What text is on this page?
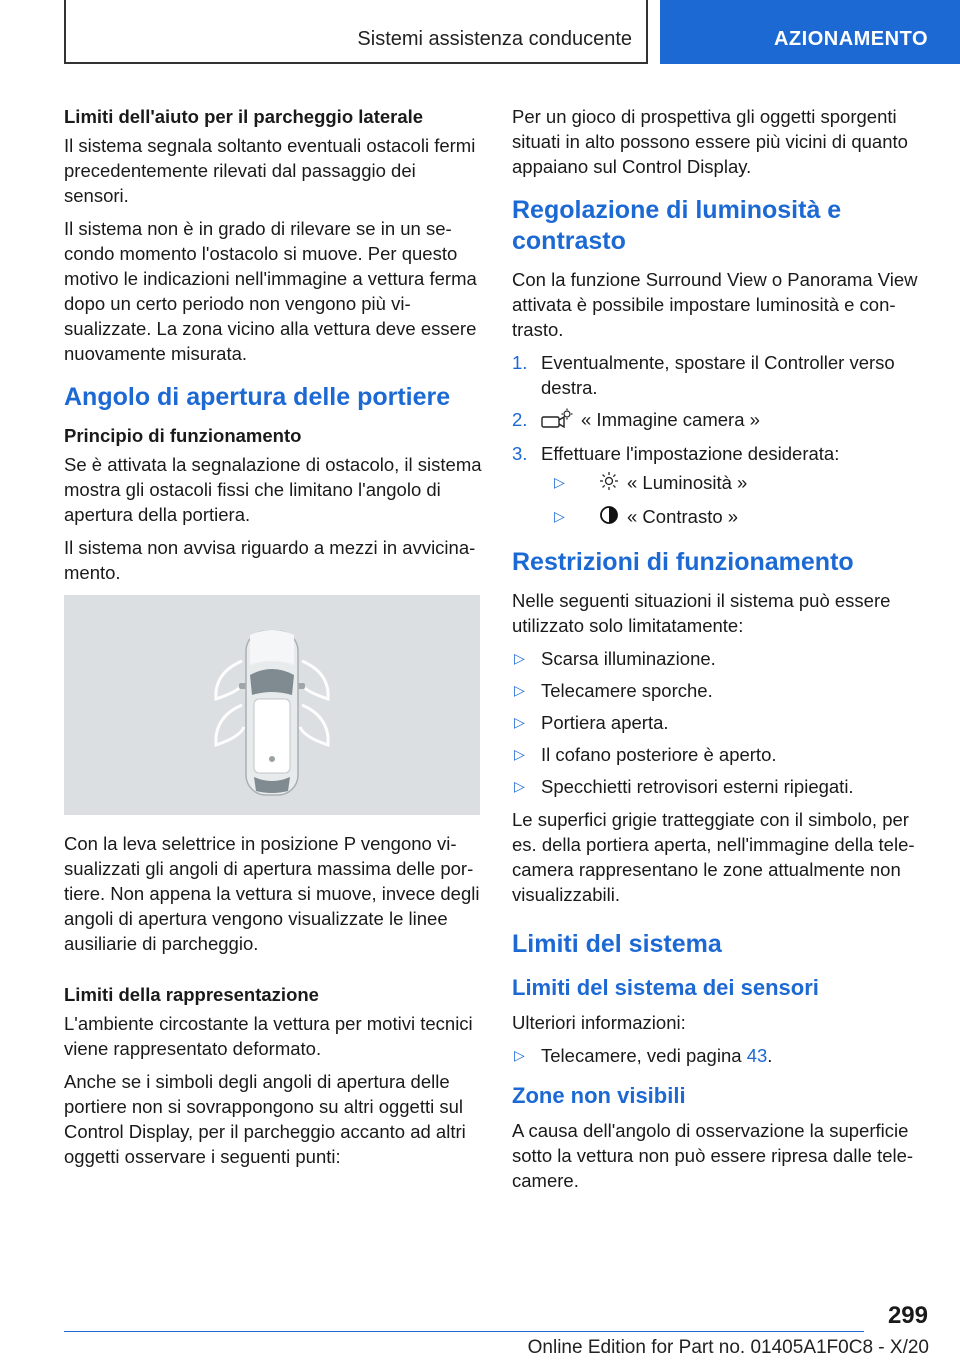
Sistemi assistenza conducente	AZIONAMENTO
Limiti dell'aiuto per il parcheggio laterale

Il sistema segnala soltanto eventuali ostacoli fermi precedentemente rilevati dal passaggio dei sensori.

Il sistema non è in grado di rilevare se in un secondo momento l'ostacolo si muove. Per questo motivo le indicazioni nell'immagine a vettura ferma dopo un certo periodo non vengono più visualizzate. La zona vicino alla vettura deve essere nuovamente misurata.

Angolo di apertura delle portiere
Principio di funzionamento

Se è attivata la segnalazione di ostacolo, il sistema mostra gli ostacoli fissi che limitano l'angolo di apertura della portiera.

Il sistema non avvisa riguardo a mezzi in avvicinamento.

Con la leva selettrice in posizione P vengono visualizzati gli angoli di apertura massima delle portiere. Non appena la vettura si muove, invece degli angoli di apertura vengono visualizzate le linee ausiliarie di parcheggio.

Limiti della rappresentazione

L'ambiente circostante la vettura per motivi tecnici viene rappresentato deformato.

Anche se i simboli degli angoli di apertura delle portiere non si sovrappongono su altri oggetti sul Control Display, per il parcheggio accanto ad altri oggetti osservare i seguenti punti:

Per un gioco di prospettiva gli oggetti sporgenti situati in alto possono essere più vicini di quanto appaiano sul Control Display.

Regolazione di luminosità e contrasto

Con la funzione Surround View o Panorama View attivata è possibile impostare luminosità e contrasto.

1. Eventualmente, spostare il Controller verso destra.
2.	« Immagine camera »
3. Effettuare l'impostazione desiderata:
▷	« Luminosità »
▷	« Contrasto »
Restrizioni di funzionamento

Nelle seguenti situazioni il sistema può essere utilizzato solo limitatamente:

▷ Scarsa illuminazione.
▷ Telecamere sporche.
▷ Portiera aperta.
▷ Il cofano posteriore è aperto.
▷ Specchietti retrovisori esterni ripiegati.

Le superfici grigie tratteggiate con il simbolo, per es. della portiera aperta, nell'immagine della telecamera rappresentano le zone attualmente non visualizzabili.

Limiti del sistema
Limiti del sistema dei sensori

Ulteriori informazioni:

▷ Telecamere, vedi pagina 43.
Zone non visibili

A causa dell'angolo di osservazione la superficie sotto la vettura non può essere ripresa dalle telecamere.

299
Online Edition for Part no. 01405A1F0C8 - X/20
